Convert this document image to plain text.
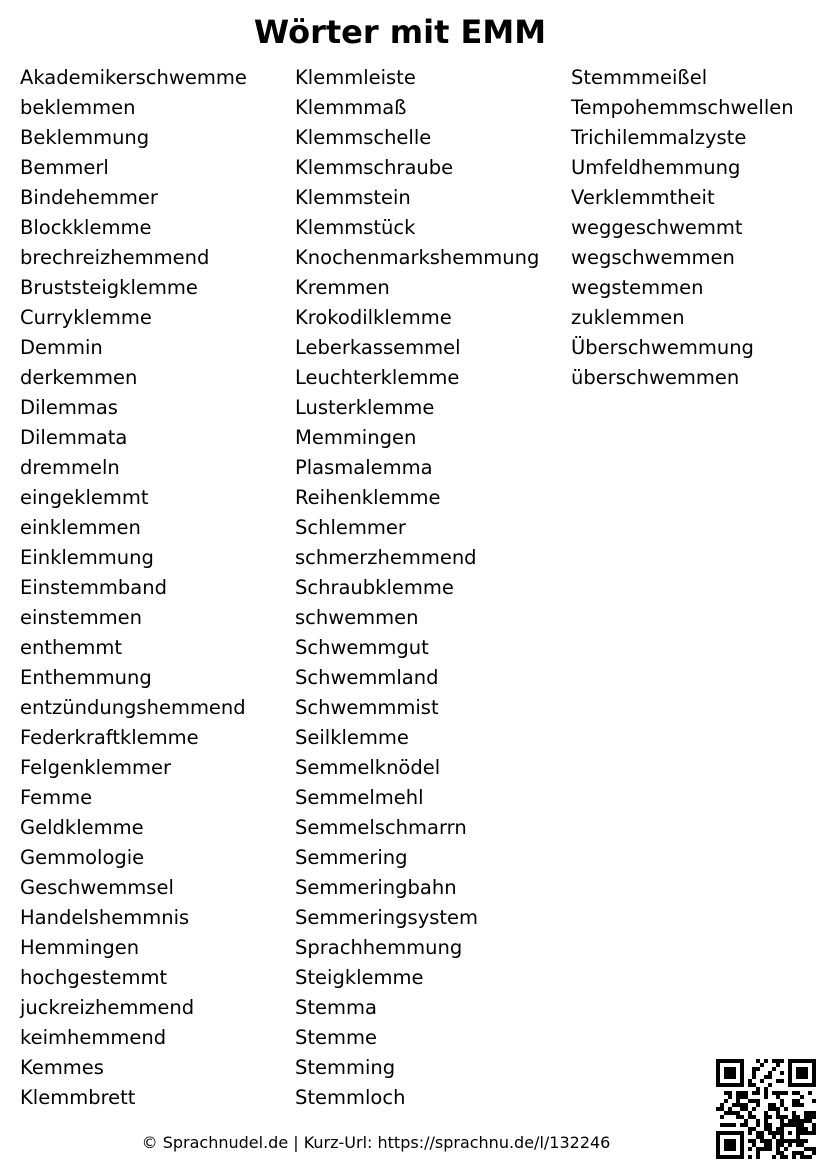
Wörter mit EMM
Akademikerschwemme
beklemmen
Beklemmung
Bemmerl
Bindehemmer
Blockklemme
brechreizhemmend
Bruststeigklemme
Curryklemme
Demmin
derkemmen
Dilemmas
Dilemmata
dremmeln
eingeklemmt
einklemmen
Einklemmung
Einstemmband
einstemmen
enthemmt
Enthemmung
entzündungshemmend
Federkraftklemme
Felgenklemmer
Femme
Geldklemme
Gemmologie
Geschwemmsel
Handelshemmnis
Hemmingen
hochgestemmt
juckreizhemmend
keimhemmend
Kemmes
Klemmbrett
Klemmleiste
Klemmmaß
Klemmschelle
Klemmschraube
Klemmstein
Klemmstück
Knochenmarkshemmung
Kremmen
Krokodilklemme
Leberkassemmel
Leuchterklemme
Lusterklemme
Memmingen
Plasmalemma
Reihenklemme
Schlemmer
schmerzhemmend
Schraubklemme
schwemmen
Schwemmgut
Schwemmland
Schwemmmist
Seilklemme
Semmelknödel
Semmelmehl
Semmelschmarrn
Semmering
Semmeringbahn
Semmeringsystem
Sprachhemmung
Steigklemme
Stemma
Stemme
Stemming
Stemmloch
Stemmmeißel
Tempohemmschwellen
Trichilemmalzyste
Umfeldhemmung
Verklemmtheit
weggeschwemmt
wegschwemmen
wegstemmen
zuklemmen
Überschwemmung
überschwemmen
© Sprachnudel.de | Kurz-Url: https://sprachnu.de/l/132246
